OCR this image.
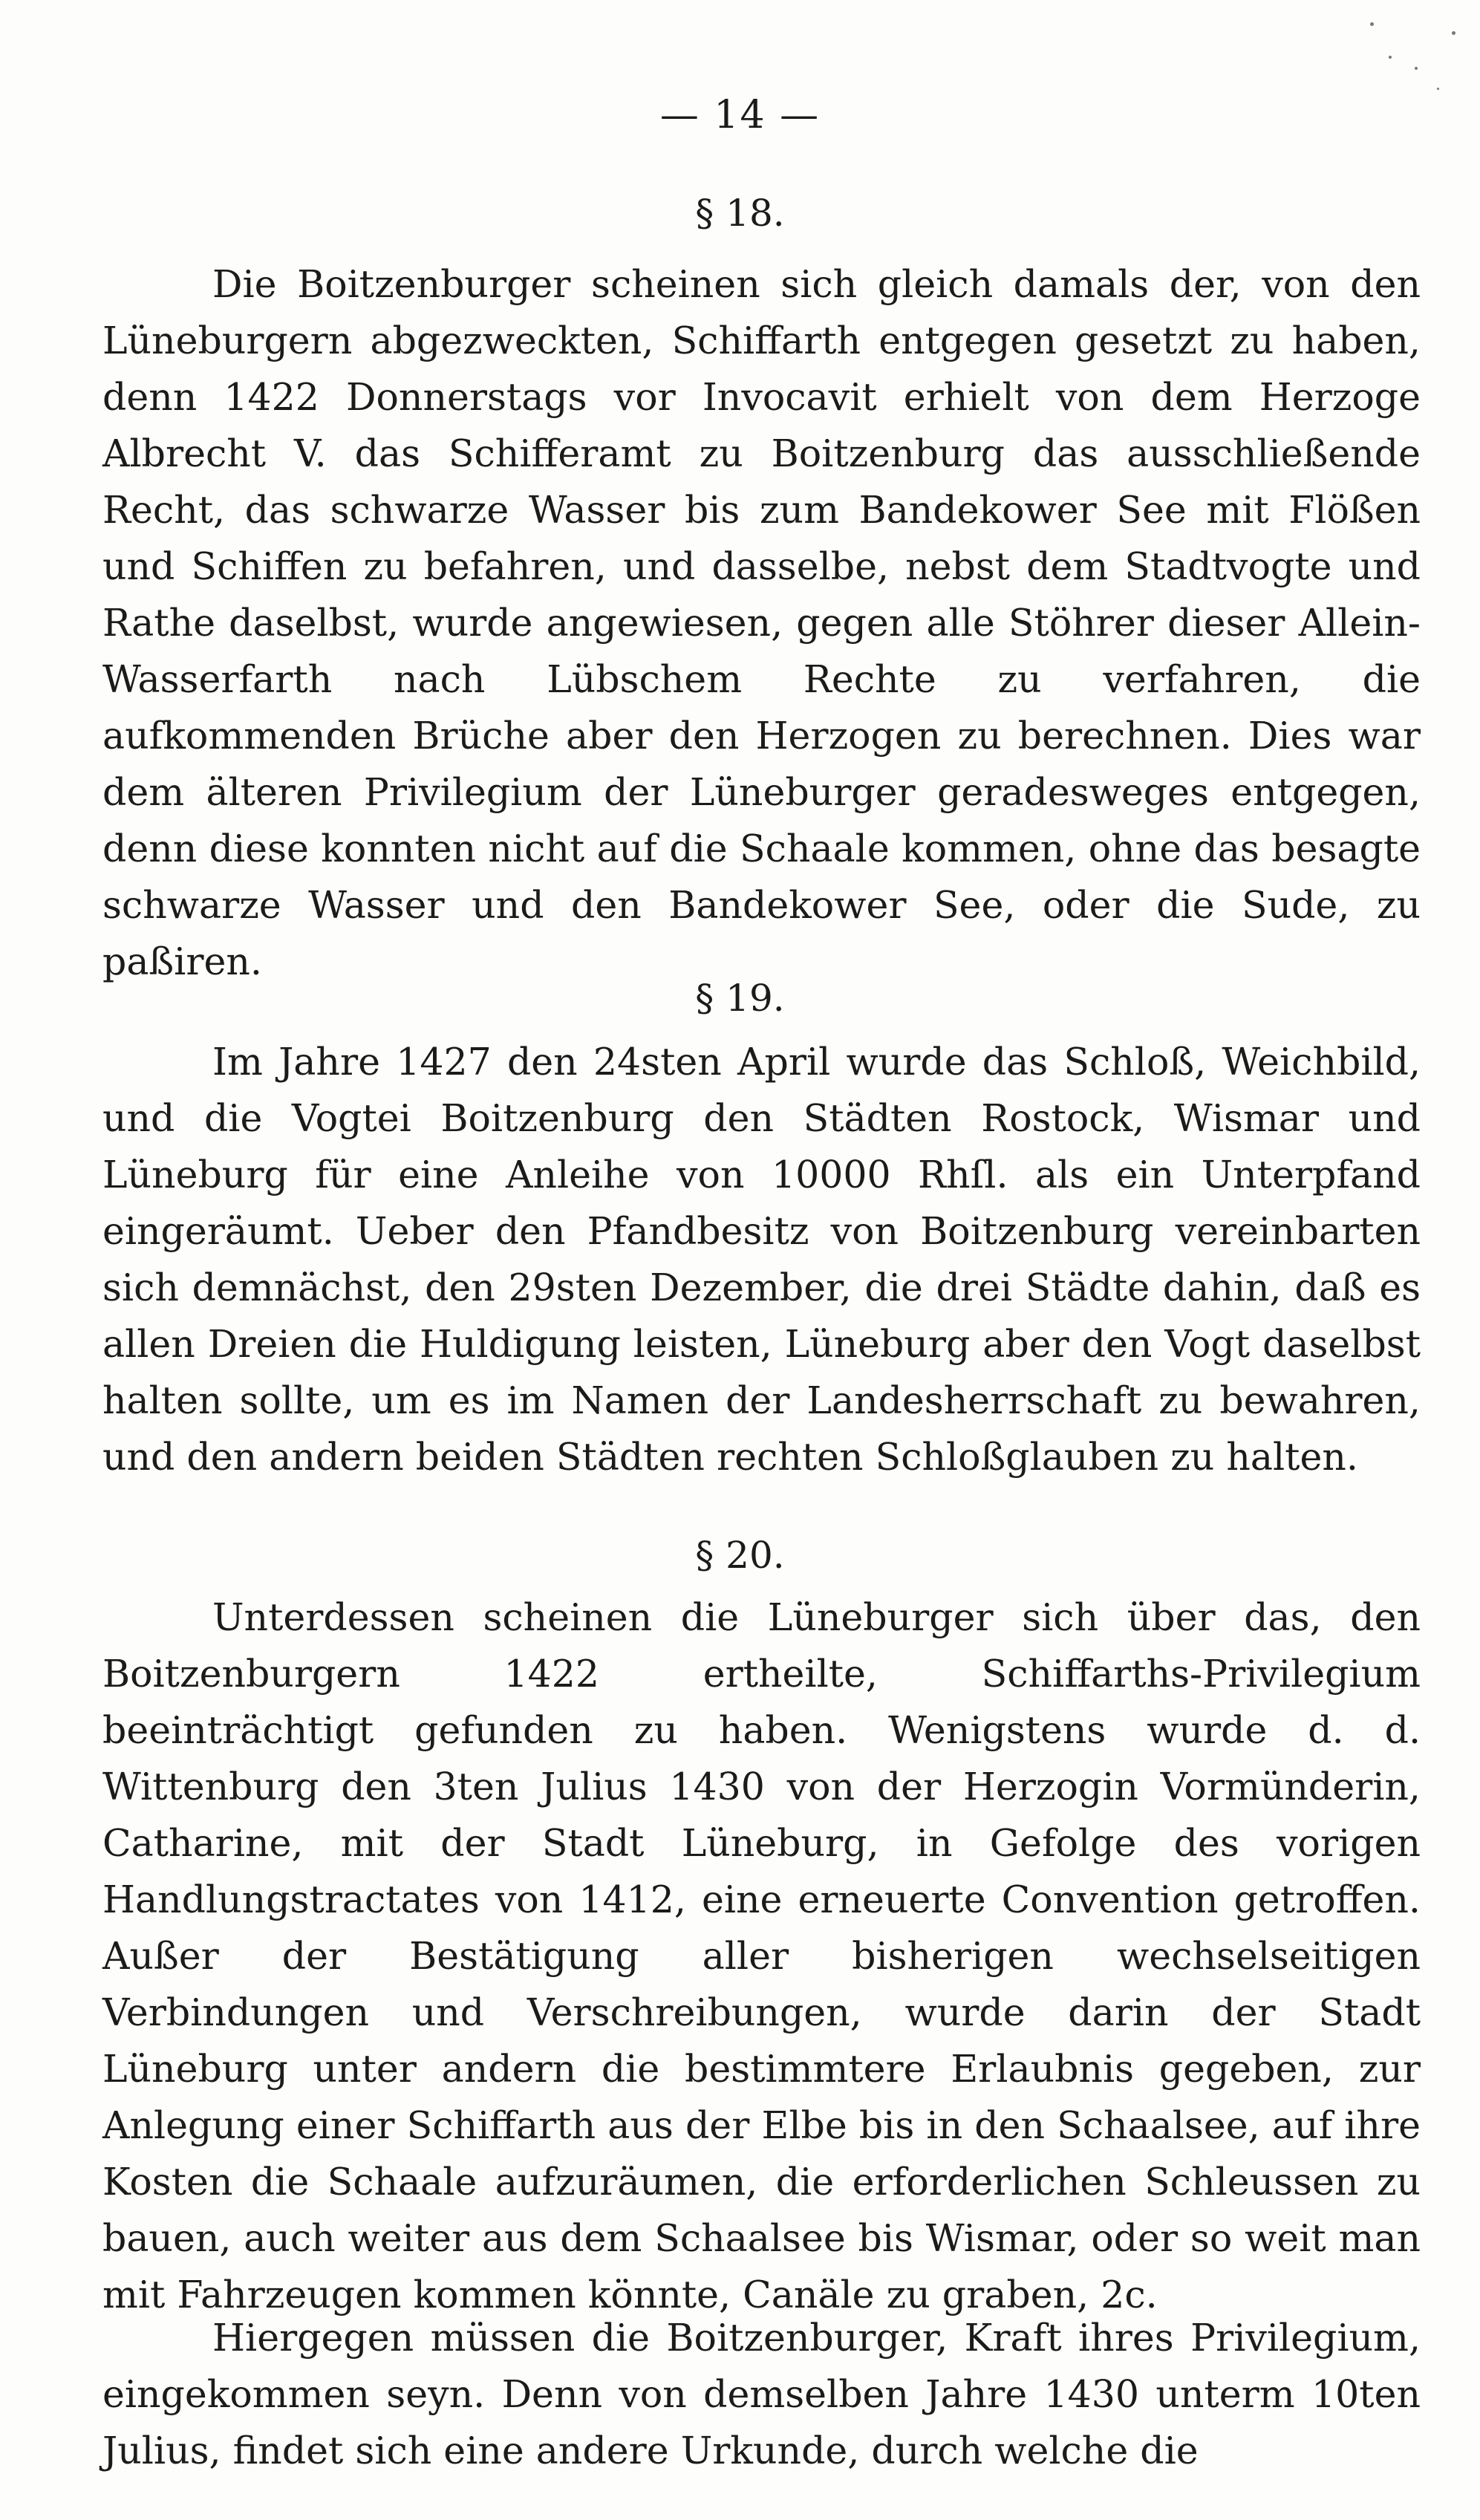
— 14 —
§ 18.
Die Boitzenburger scheinen sich gleich damals der, von den Lüneburgern abgezweckten, Schiffarth entgegen gesetzt zu haben, denn 1422 Donnerstags vor Invocavit erhielt von dem Herzoge Albrecht V. das Schifferamt zu Boitzenburg das ausschließende Recht, das schwarze Wasser bis zum Bandekower See mit Flößen und Schiffen zu befahren, und dasselbe, nebst dem Stadtvogte und Rathe daselbst, wurde angewiesen, gegen alle Stöhrer dieser Allein-Wasserfarth nach Lübschem Rechte zu verfahren, die aufkommenden Brüche aber den Herzogen zu berechnen. Dies war dem älteren Privilegium der Lüneburger geradesweges entgegen, denn diese konnten nicht auf die Schaale kommen, ohne das besagte schwarze Wasser und den Bandekower See, oder die Sude, zu paßiren.
§ 19.
Im Jahre 1427 den 24sten April wurde das Schloß, Weichbild, und die Vogtei Boitzenburg den Städten Rostock, Wismar und Lüneburg für eine Anleihe von 10000 Rhſl. als ein Unterpfand eingeräumt. Ueber den Pfandbesitz von Boitzenburg vereinbarten sich demnächst, den 29sten Dezember, die drei Städte dahin, daß es allen Dreien die Huldigung leisten, Lüneburg aber den Vogt daselbst halten sollte, um es im Namen der Landesherrschaft zu bewahren, und den andern beiden Städten rechten Schloßglauben zu halten.
§ 20.
Unterdessen scheinen die Lüneburger sich über das, den Boitzenburgern 1422 ertheilte, Schiffarths-Privilegium beeinträchtigt gefunden zu haben. Wenigstens wurde d. d. Wittenburg den 3ten Julius 1430 von der Herzogin Vormünderin, Catharine, mit der Stadt Lüneburg, in Gefolge des vorigen Handlungstractates von 1412, eine erneuerte Convention getroffen. Außer der Bestätigung aller bisherigen wechselseitigen Verbindungen und Verschreibungen, wurde darin der Stadt Lüneburg unter andern die bestimmtere Erlaubnis gegeben, zur Anlegung einer Schiffarth aus der Elbe bis in den Schaalsee, auf ihre Kosten die Schaale aufzuräumen, die erforderlichen Schleussen zu bauen, auch weiter aus dem Schaalsee bis Wismar, oder so weit man mit Fahrzeugen kommen könnte, Canäle zu graben, 2c.
Hiergegen müssen die Boitzenburger, Kraft ihres Privilegium, eingekommen seyn. Denn von demselben Jahre 1430 unterm 10ten Julius, findet sich eine andere Urkunde, durch welche die
